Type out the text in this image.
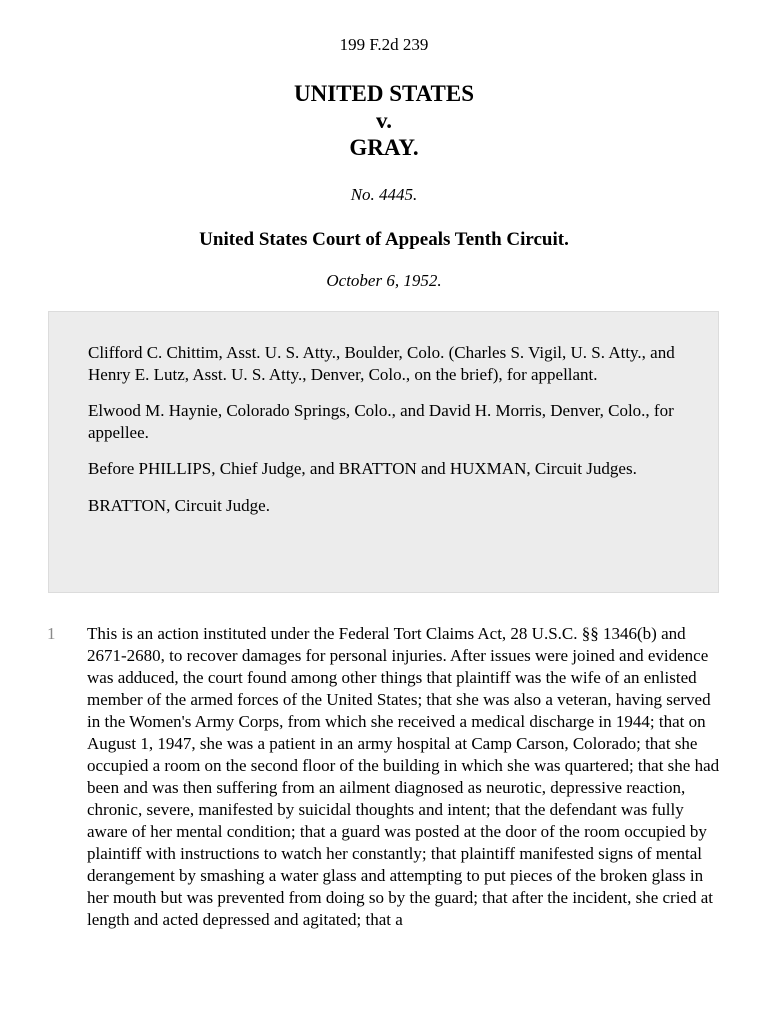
199 F.2d 239
UNITED STATES
v.
GRAY.
No. 4445.
United States Court of Appeals Tenth Circuit.
October 6, 1952.

Clifford C. Chittim, Asst. U. S. Atty., Boulder, Colo. (Charles S. Vigil, U. S. Atty., and Henry E. Lutz, Asst. U. S. Atty., Denver, Colo., on the brief), for appellant.

Elwood M. Haynie, Colorado Springs, Colo., and David H. Morris, Denver, Colo., for appellee.

Before PHILLIPS, Chief Judge, and BRATTON and HUXMAN, Circuit Judges.

BRATTON, Circuit Judge.

1 This is an action instituted under the Federal Tort Claims Act, 28 U.S.C. §§ 1346(b) and 2671-2680, to recover damages for personal injuries. After issues were joined and evidence was adduced, the court found among other things that plaintiff was the wife of an enlisted member of the armed forces of the United States; that she was also a veteran, having served in the Women's Army Corps, from which she received a medical discharge in 1944; that on August 1, 1947, she was a patient in an army hospital at Camp Carson, Colorado; that she occupied a room on the second floor of the building in which she was quartered; that she had been and was then suffering from an ailment diagnosed as neurotic, depressive reaction, chronic, severe, manifested by suicidal thoughts and intent; that the defendant was fully aware of her mental condition; that a guard was posted at the door of the room occupied by plaintiff with instructions to watch her constantly; that plaintiff manifested signs of mental derangement by smashing a water glass and attempting to put pieces of the broken glass in her mouth but was prevented from doing so by the guard; that after the incident, she cried at length and acted depressed and agitated; that a
